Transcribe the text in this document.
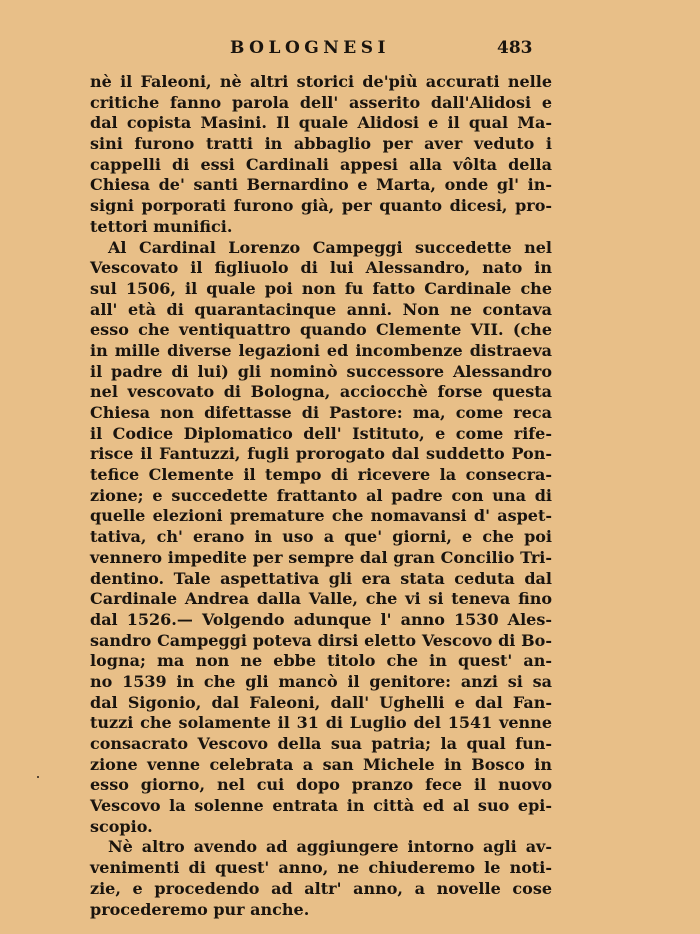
BOLOGNESI	483
nè il Faleoni, nè altri storici de'più accurati nelle
critiche fanno parola dell' asserito dall'Alidosi e
dal copista Masini. Il quale Alidosi e il qual Ma-
sini furono tratti in abbaglio per aver veduto i
cappelli di essi Cardinali appesi alla vôlta della
Chiesa de' santi Bernardino e Marta, onde gl' in-
signi porporati furono già, per quanto dicesi, pro-
tettori munifici.
Al Cardinal Lorenzo Campeggi succedette nel
Vescovato il figliuolo di lui Alessandro, nato in
sul 1506, il quale poi non fu fatto Cardinale che
all' età di quarantacinque anni. Non ne contava
esso che ventiquattro quando Clemente VII. (che
in mille diverse legazioni ed incombenze distraeva
il padre di lui) gli nominò successore Alessandro
nel vescovato di Bologna, acciocchè forse questa
Chiesa non difettasse di Pastore: ma, come reca
il Codice Diplomatico dell' Istituto, e come rife-
risce il Fantuzzi, fugli prorogato dal suddetto Pon-
tefice Clemente il tempo di ricevere la consecra-
zione; e succedette frattanto al padre con una di
quelle elezioni premature che nomavansi d' aspet-
tativa, ch' erano in uso a que' giorni, e che poi
vennero impedite per sempre dal gran Concilio Tri-
dentino. Tale aspettativa gli era stata ceduta dal
Cardinale Andrea dalla Valle, che vi si teneva fino
dal 1526.— Volgendo adunque l' anno 1530 Ales-
sandro Campeggi poteva dirsi eletto Vescovo di Bo-
logna; ma non ne ebbe titolo che in quest' an-
no 1539 in che gli mancò il genitore: anzi si sa
dal Sigonio, dal Faleoni, dall' Ughelli e dal Fan-
tuzzi che solamente il 31 di Luglio del 1541 venne
consacrato Vescovo della sua patria; la qual fun-
zione venne celebrata a san Michele in Bosco in
esso giorno, nel cui dopo pranzo fece il nuovo
Vescovo la solenne entrata in città ed al suo epi-
scopio.
Nè altro avendo ad aggiungere intorno agli av-
venimenti di quest' anno, ne chiuderemo le noti-
zie, e procedendo ad altr' anno, a novelle cose
procederemo pur anche.
